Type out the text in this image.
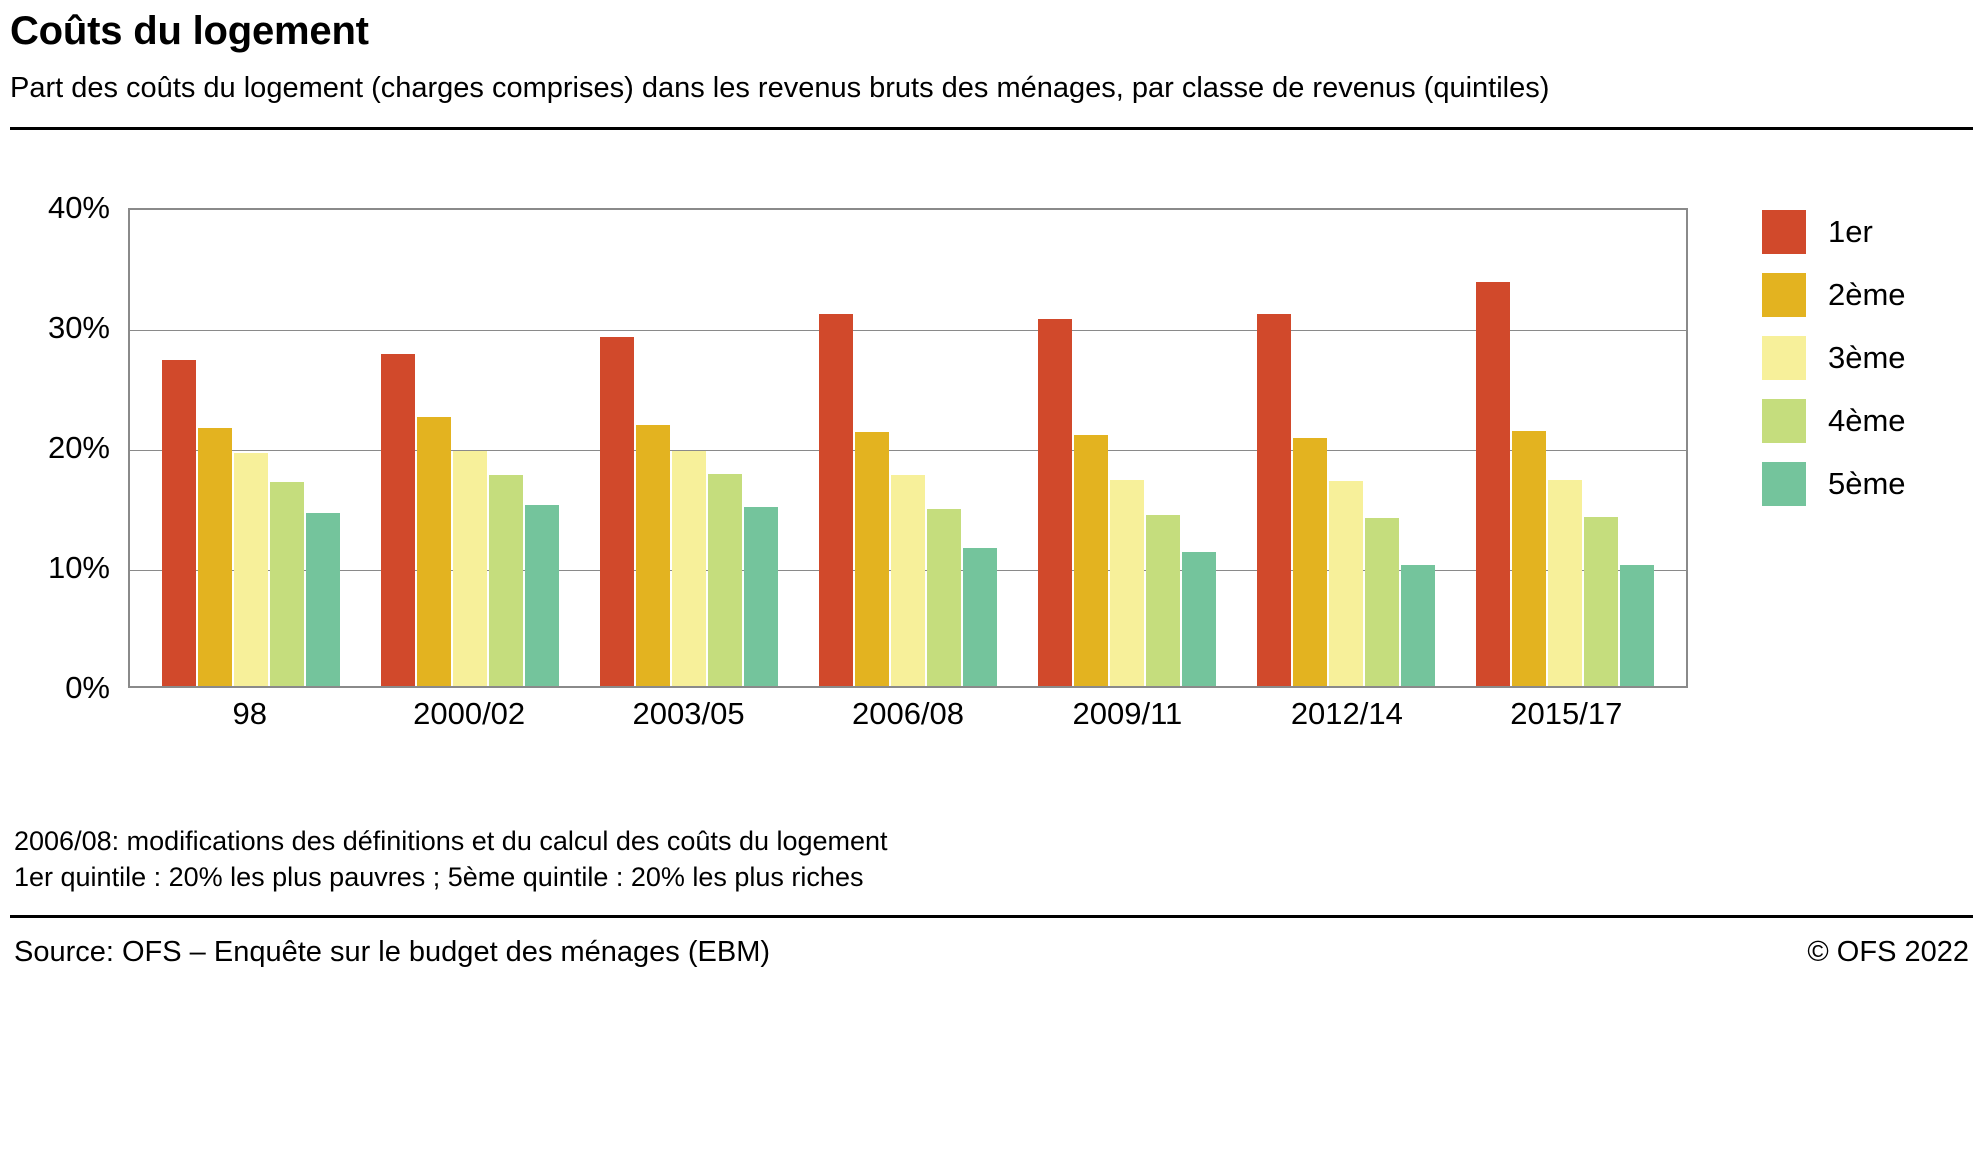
Coûts du logement
Part des coûts du logement (charges comprises) dans les revenus bruts des ménages, par classe de revenus (quintiles)
0%
10%
20%
30%
40%
98	2000/02	2003/05	2006/08	2009/11	2012/14	2015/17
1er
2ème
3ème
4ème
5ème
2006/08: modifications des définitions et du calcul des coûts du logement
1er quintile : 20% les plus pauvres ; 5ème quintile : 20% les plus riches
Source: OFS – Enquête sur le budget des ménages (EBM)	© OFS 2022
